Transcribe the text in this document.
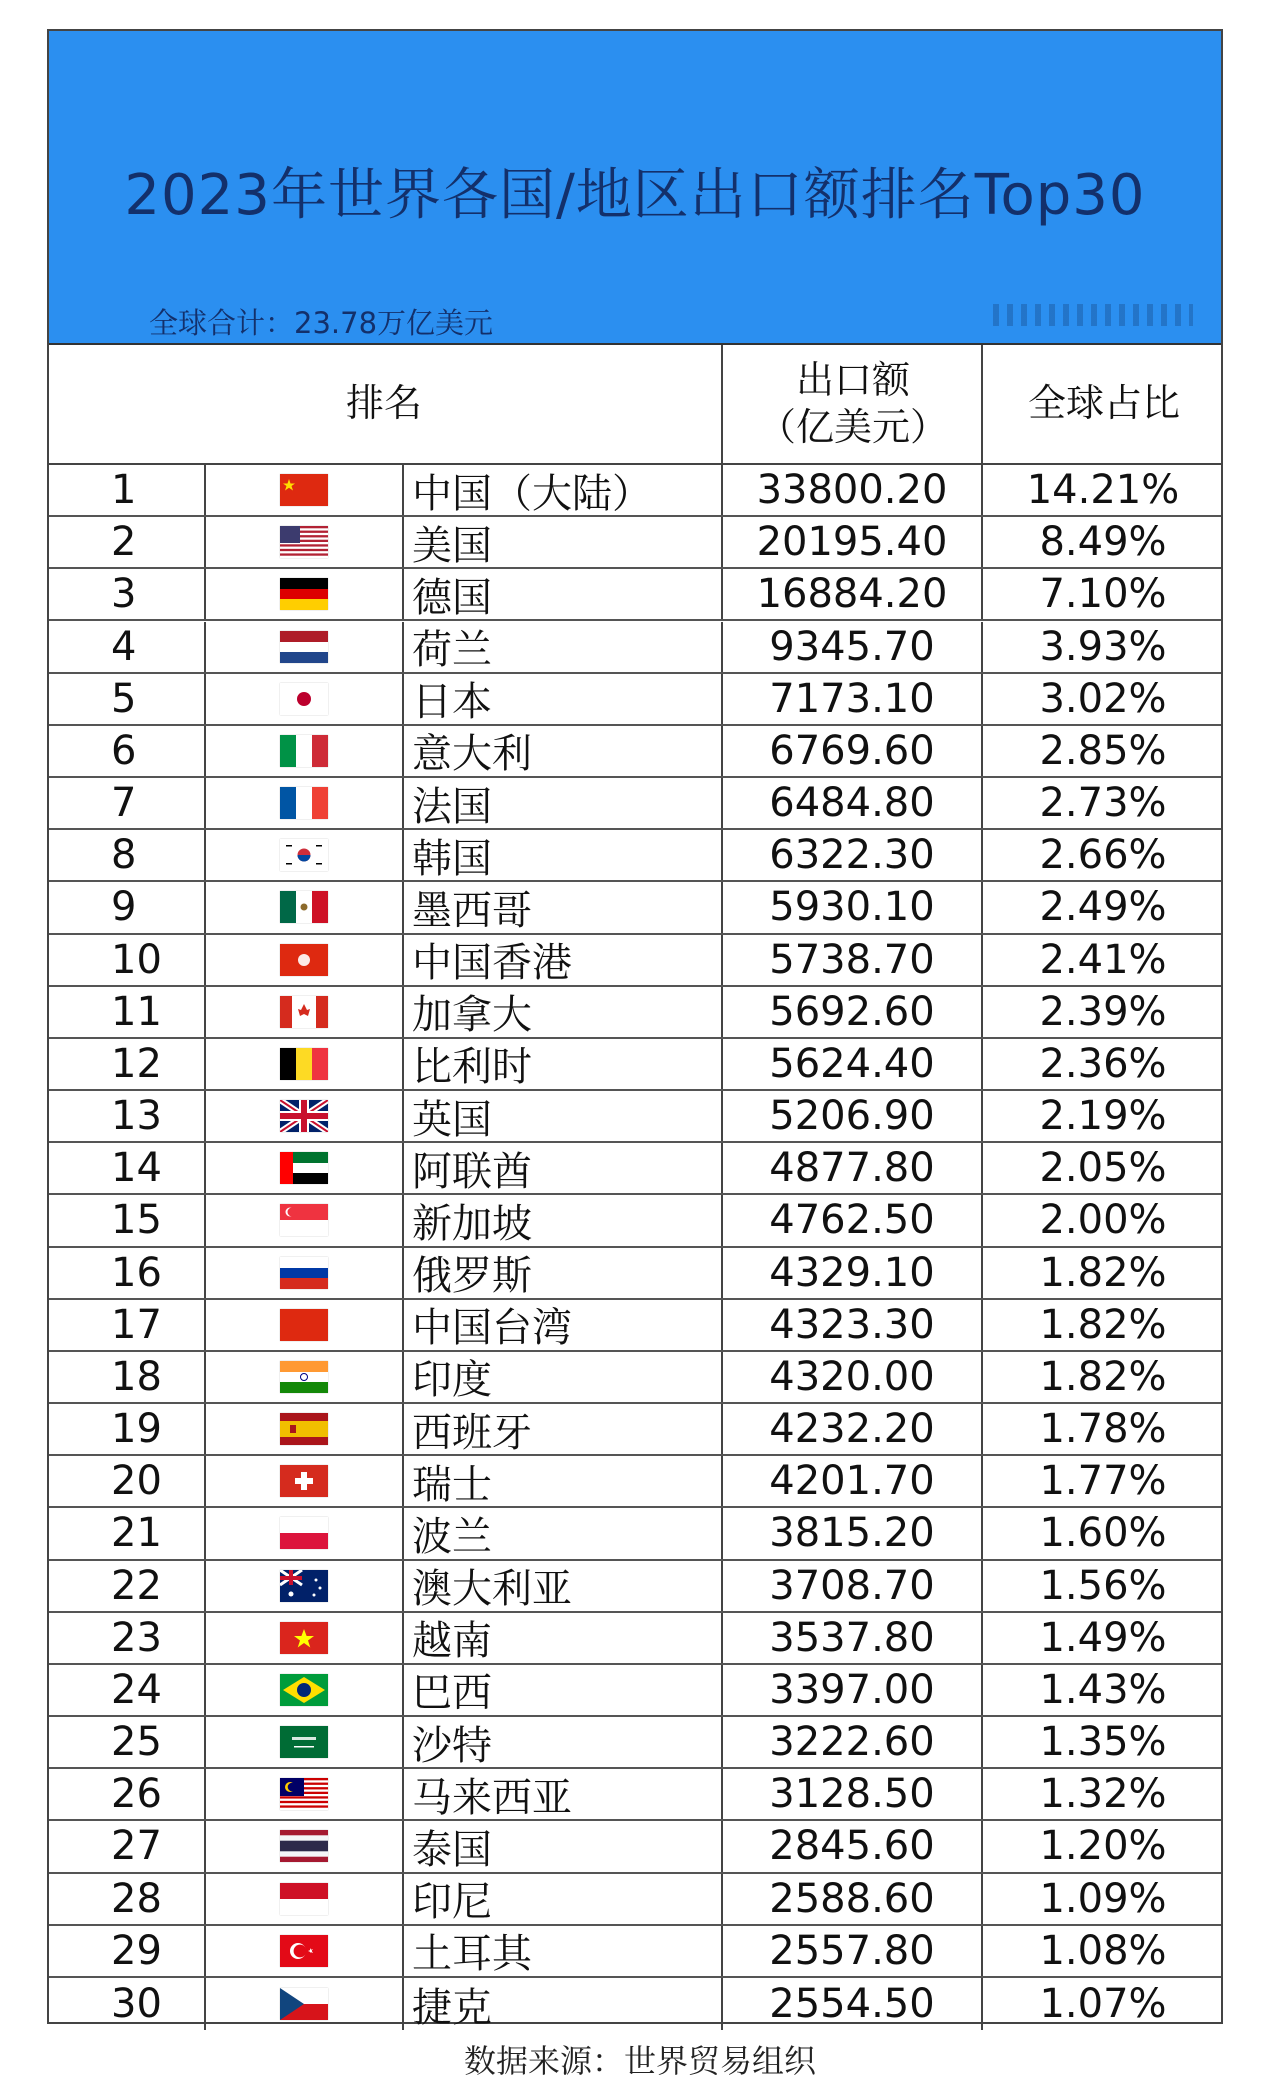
2023年世界各国/地区出口额排名Top30
全球合计：23.78万亿美元
排名
出口额
（亿美元）
全球占比
1	中国（大陆）	33800.20	14.21%
2	美国	20195.40	8.49%
3	德国	16884.20	7.10%
4	荷兰	9345.70	3.93%
5	日本	7173.10	3.02%
6	意大利	6769.60	2.85%
7	法国	6484.80	2.73%
8	韩国	6322.30	2.66%
9	墨西哥	5930.10	2.49%
10	中国香港	5738.70	2.41%
11	加拿大	5692.60	2.39%
12	比利时	5624.40	2.36%
13	英国	5206.90	2.19%
14	阿联酋	4877.80	2.05%
15	新加坡	4762.50	2.00%
16	俄罗斯	4329.10	1.82%
17	中国台湾	4323.30	1.82%
18	印度	4320.00	1.82%
19	西班牙	4232.20	1.78%
20	瑞士	4201.70	1.77%
21	波兰	3815.20	1.60%
22	澳大利亚	3708.70	1.56%
23	越南	3537.80	1.49%
24	巴西	3397.00	1.43%
25	沙特	3222.60	1.35%
26	马来西亚	3128.50	1.32%
27	泰国	2845.60	1.20%
28	印尼	2588.60	1.09%
29	土耳其	2557.80	1.08%
30	捷克	2554.50	1.07%
数据来源：世界贸易组织
